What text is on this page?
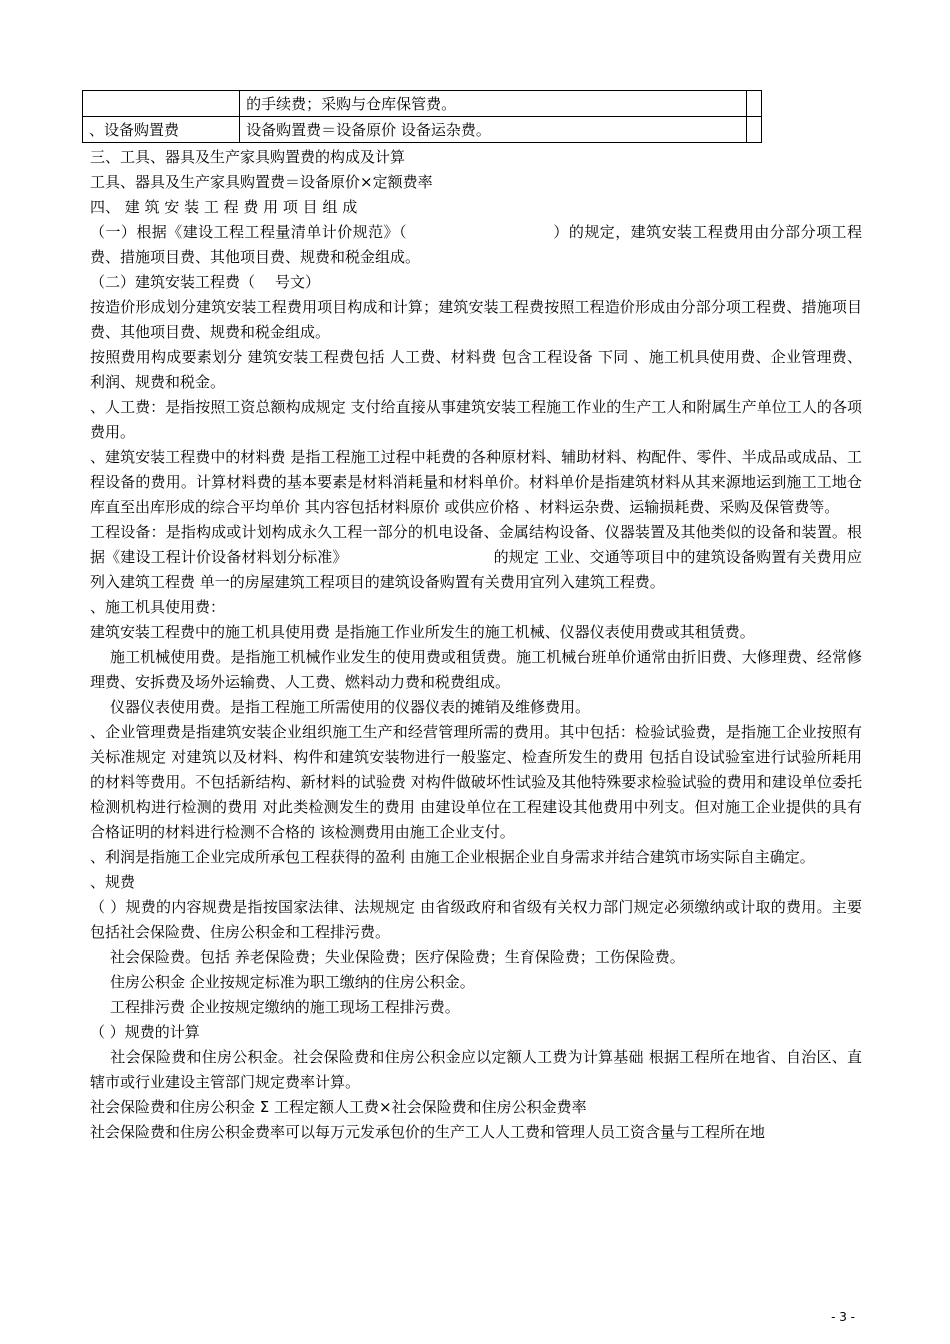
	的手续费；采购与仓库保管费。	
、设备购置费	设备购置费＝设备原价 设备运杂费。	

三、工具、器具及生产家具购置费的构成及计算

工具、器具及生产家具购置费＝设备原价×定额费率

四、 建 筑 安 装 工 程 费 用 项 目 组 成

（一）根据《建设工程工程量清单计价规范》（	）的规定，建筑安装工程费用由分部分项工程费、措施项目费、其他项目费、规费和税金组成。

（二）建筑安装工程费（ 号文）

按造价形成划分建筑安装工程费用项目构成和计算；建筑安装工程费按照工程造价形成由分部分项工程费、措施项目费、其他项目费、规费和税金组成。

按照费用构成要素划分 建筑安装工程费包括 人工费、材料费 包含工程设备 下同 、施工机具使用费、企业管理费、利润、规费和税金。

、人工费：是指按照工资总额构成规定 支付给直接从事建筑安装工程施工作业的生产工人和附属生产单位工人的各项费用。

、建筑安装工程费中的材料费 是指工程施工过程中耗费的各种原材料、辅助材料、构配件、零件、半成品或成品、工程设备的费用。计算材料费的基本要素是材料消耗量和材料单价。材料单价是指建筑材料从其来源地运到施工工地仓库直至出库形成的综合平均单价 其内容包括材料原价 或供应价格 、材料运杂费、运输损耗费、采购及保管费等。

工程设备：是指构成或计划构成永久工程一部分的机电设备、金属结构设备、仪器装置及其他类似的设备和装置。根据《建设工程计价设备材料划分标准》	的规定 工业、交通等项目中的建筑设备购置有关费用应列入建筑工程费 单一的房屋建筑工程项目的建筑设备购置有关费用宜列入建筑工程费。

、施工机具使用费：

建筑安装工程费中的施工机具使用费 是指施工作业所发生的施工机械、仪器仪表使用费或其租赁费。

施工机械使用费。是指施工机械作业发生的使用费或租赁费。施工机械台班单价通常由折旧费、大修理费、经常修理费、安拆费及场外运输费、人工费、燃料动力费和税费组成。

仪器仪表使用费。是指工程施工所需使用的仪器仪表的摊销及维修费用。

、企业管理费是指建筑安装企业组织施工生产和经营管理所需的费用。其中包括：检验试验费，是指施工企业按照有关标准规定 对建筑以及材料、构件和建筑安装物进行一般鉴定、检查所发生的费用 包括自设试验室进行试验所耗用的材料等费用。不包括新结构、新材料的试验费 对构件做破坏性试验及其他特殊要求检验试验的费用和建设单位委托检测机构进行检测的费用 对此类检测发生的费用 由建设单位在工程建设其他费用中列支。但对施工企业提供的具有合格证明的材料进行检测不合格的 该检测费用由施工企业支付。

、利润是指施工企业完成所承包工程获得的盈利 由施工企业根据企业自身需求并结合建筑市场实际自主确定。

、规费

（ ）规费的内容规费是指按国家法律、法规规定 由省级政府和省级有关权力部门规定必须缴纳或计取的费用。主要包括社会保险费、住房公积金和工程排污费。

社会保险费。包括 养老保险费；失业保险费；医疗保险费；生育保险费；工伤保险费。

住房公积金 企业按规定标准为职工缴纳的住房公积金。

工程排污费 企业按规定缴纳的施工现场工程排污费。

（ ）规费的计算

社会保险费和住房公积金。社会保险费和住房公积金应以定额人工费为计算基础 根据工程所在地省、自治区、直辖市或行业建设主管部门规定费率计算。

社会保险费和住房公积金 Σ 工程定额人工费×社会保险费和住房公积金费率

社会保险费和住房公积金费率可以每万元发承包价的生产工人人工费和管理人员工资含量与工程所在地

- 3 -
